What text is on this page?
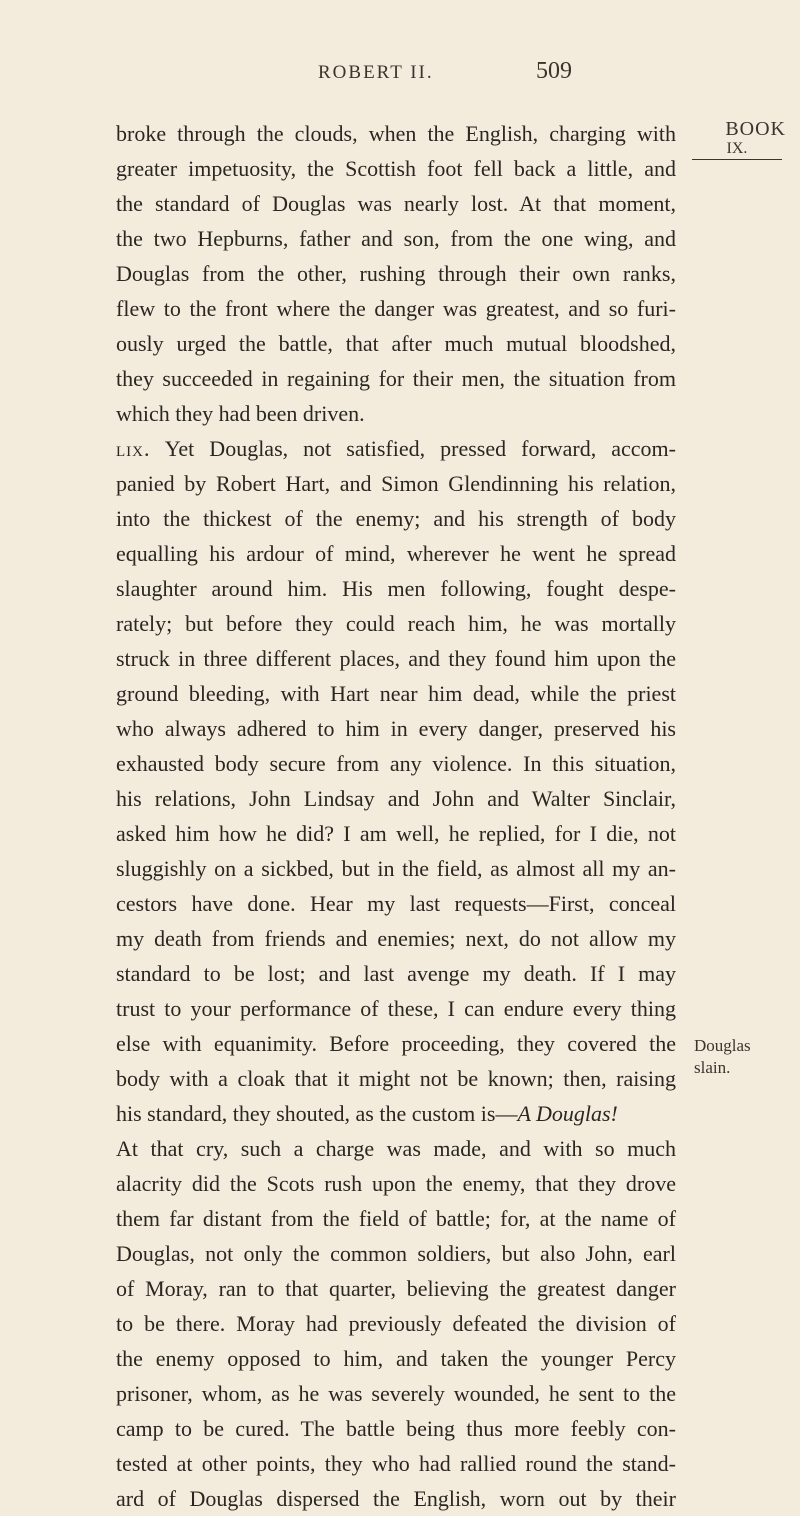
ROBERT II.	509
BOOK
IX.
Douglas
slain.
broke through the clouds, when the English, charging with
greater impetuosity, the Scottish foot fell back a little, and
the standard of Douglas was nearly lost. At that moment,
the two Hepburns, father and son, from the one wing, and
Douglas from the other, rushing through their own ranks,
flew to the front where the danger was greatest, and so furi-
ously urged the battle, that after much mutual bloodshed,
they succeeded in regaining for their men, the situation from
which they had been driven.
lix. Yet Douglas, not satisfied, pressed forward, accom-
panied by Robert Hart, and Simon Glendinning his relation,
into the thickest of the enemy; and his strength of body
equalling his ardour of mind, wherever he went he spread
slaughter around him. His men following, fought despe-
rately; but before they could reach him, he was mortally
struck in three different places, and they found him upon the
ground bleeding, with Hart near him dead, while the priest
who always adhered to him in every danger, preserved his
exhausted body secure from any violence. In this situation,
his relations, John Lindsay and John and Walter Sinclair,
asked him how he did? I am well, he replied, for I die, not
sluggishly on a sickbed, but in the field, as almost all my an-
cestors have done. Hear my last requests—First, conceal
my death from friends and enemies; next, do not allow my
standard to be lost; and last avenge my death. If I may
trust to your performance of these, I can endure every thing
else with equanimity. Before proceeding, they covered the
body with a cloak that it might not be known; then, raising
his standard, they shouted, as the custom is—A Douglas!
At that cry, such a charge was made, and with so much
alacrity did the Scots rush upon the enemy, that they drove
them far distant from the field of battle; for, at the name of
Douglas, not only the common soldiers, but also John, earl
of Moray, ran to that quarter, believing the greatest danger
to be there. Moray had previously defeated the division of
the enemy opposed to him, and taken the younger Percy
prisoner, whom, as he was severely wounded, he sent to the
camp to be cured. The battle being thus more feebly con-
tested at other points, they who had rallied round the stand-
ard of Douglas dispersed the English, worn out by their
